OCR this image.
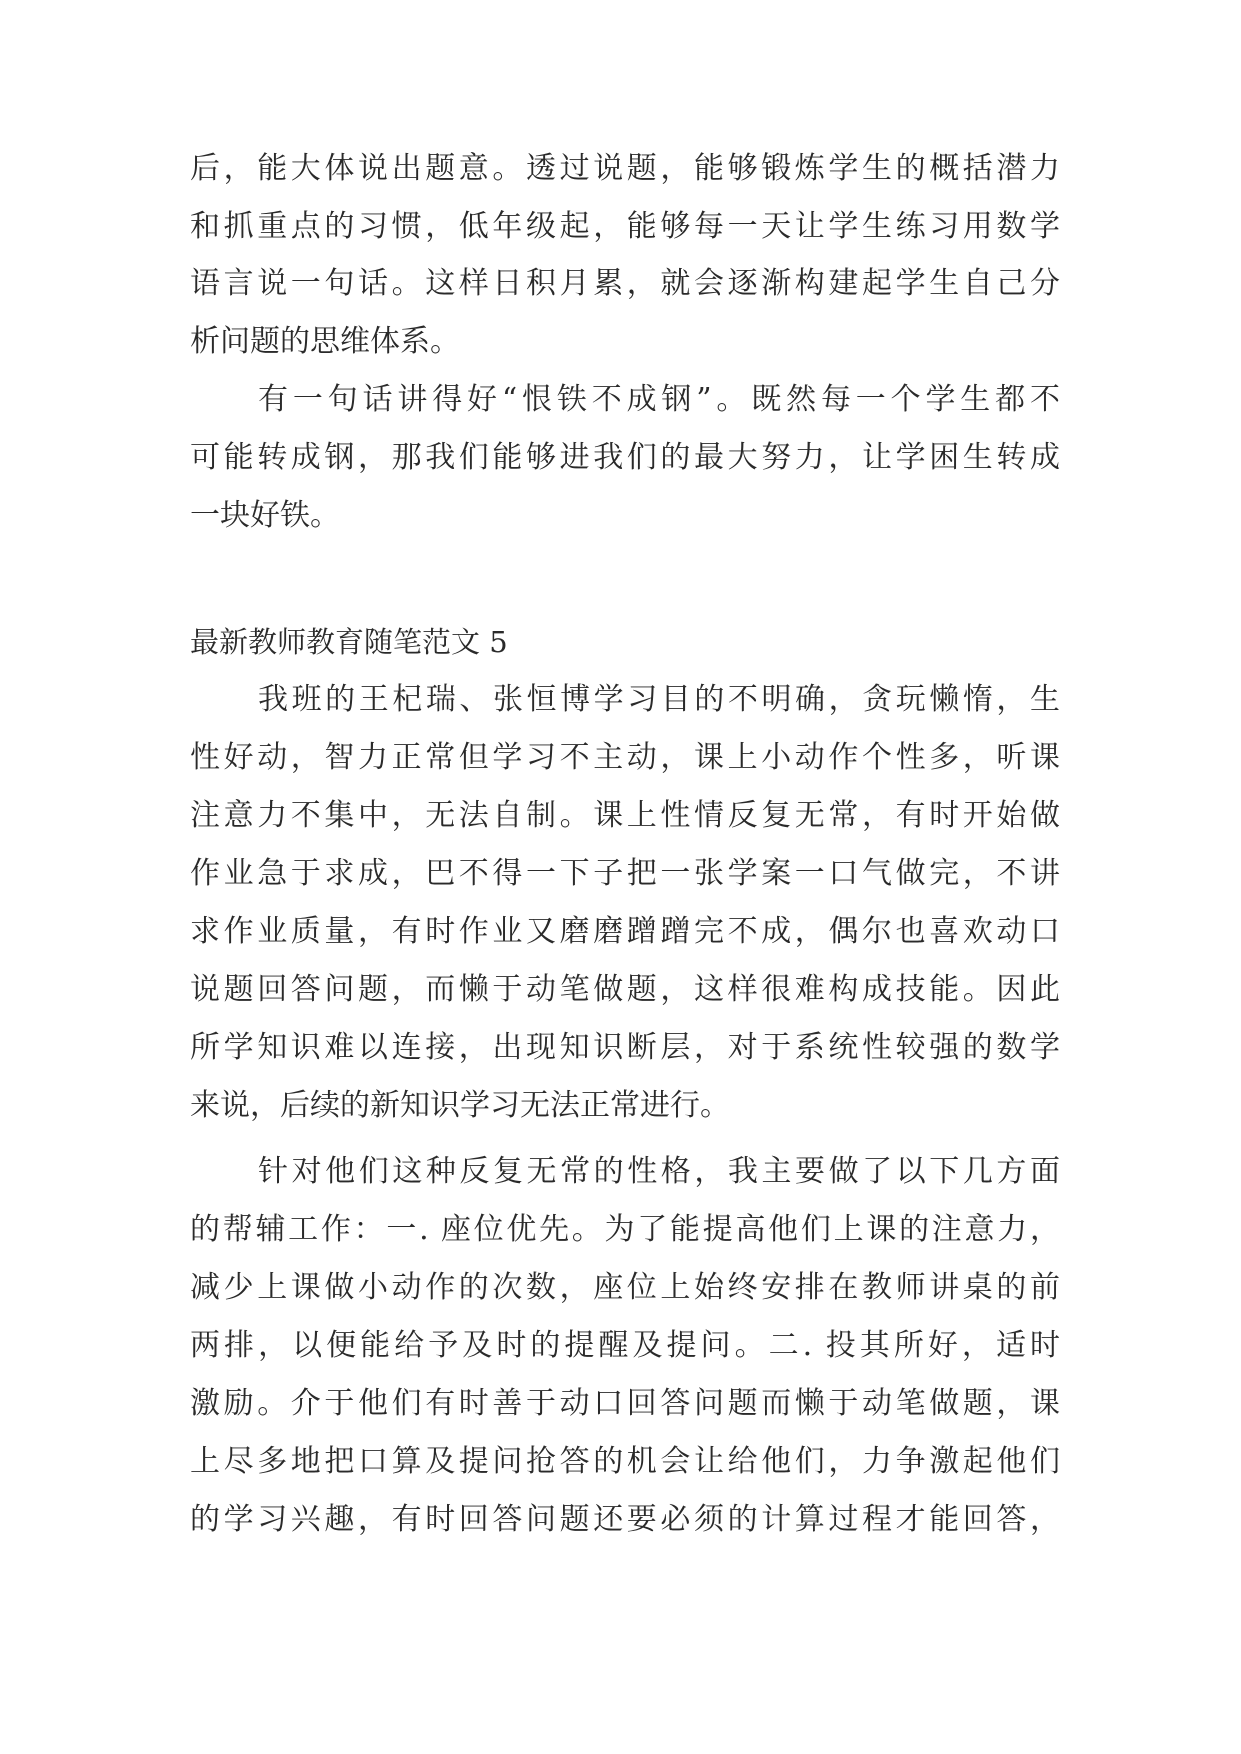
后，能大体说出题意。透过说题，能够锻炼学生的概括潜力
和抓重点的习惯，低年级起，能够每一天让学生练习用数学
语言说一句话。这样日积月累，就会逐渐构建起学生自己分
析问题的思维体系。
有一句话讲得好“恨铁不成钢”。既然每一个学生都不
可能转成钢，那我们能够进我们的最大努力，让学困生转成
一块好铁。
最新教师教育随笔范文 5
我班的王杞瑞、张恒博学习目的不明确，贪玩懒惰，生
性好动，智力正常但学习不主动，课上小动作个性多，听课
注意力不集中，无法自制。课上性情反复无常，有时开始做
作业急于求成，巴不得一下子把一张学案一口气做完，不讲
求作业质量，有时作业又磨磨蹭蹭完不成，偶尔也喜欢动口
说题回答问题，而懒于动笔做题，这样很难构成技能。因此
所学知识难以连接，出现知识断层，对于系统性较强的数学
来说，后续的新知识学习无法正常进行。
针对他们这种反复无常的性格，我主要做了以下几方面
的帮辅工作：一. 座位优先。为了能提高他们上课的注意力，
减少上课做小动作的次数，座位上始终安排在教师讲桌的前
两排，以便能给予及时的提醒及提问。二. 投其所好，适时
激励。介于他们有时善于动口回答问题而懒于动笔做题，课
上尽多地把口算及提问抢答的机会让给他们，力争激起他们
的学习兴趣，有时回答问题还要必须的计算过程才能回答，
